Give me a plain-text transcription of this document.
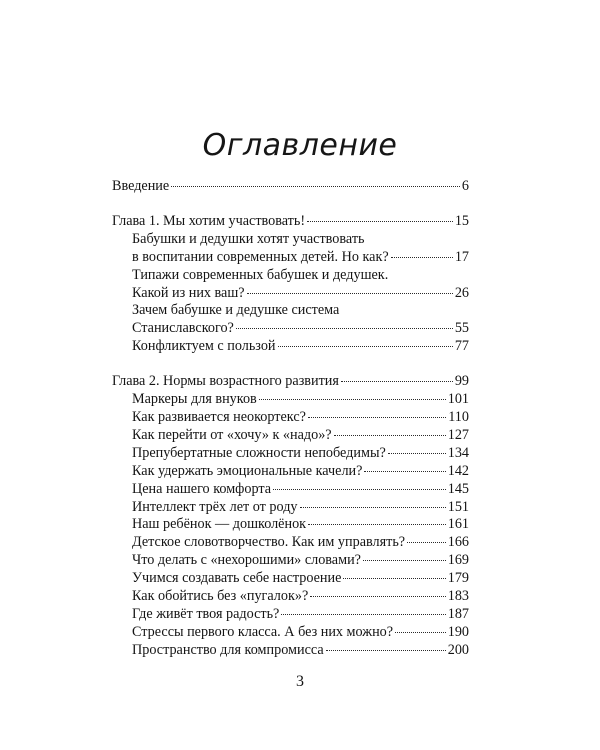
Оглавление
Введение	6
Глава 1. Мы хотим участвовать!	15
Бабушки и дедушки хотят участвовать
в воспитании современных детей. Но как?	17
Типажи современных бабушек и дедушек.
Какой из них ваш?	26
Зачем бабушке и дедушке система
Станиславского?	55
Конфликтуем с пользой	77
Глава 2. Нормы возрастного развития	99
Маркеры для внуков	101
Как развивается неокортекс?	110
Как перейти от «хочу» к «надо»?	127
Препубертатные сложности непобедимы?	134
Как удержать эмоциональные качели?	142
Цена нашего комфорта	145
Интеллект трёх лет от роду	151
Наш ребёнок — дошколёнок	161
Детское словотворчество. Как им управлять?	166
Что делать с «нехорошими» словами?	169
Учимся создавать себе настроение	179
Как обойтись без «пугалок»?	183
Где живёт твоя радость?	187
Стрессы первого класса. А без них можно?	190
Пространство для компромисса	200
3
